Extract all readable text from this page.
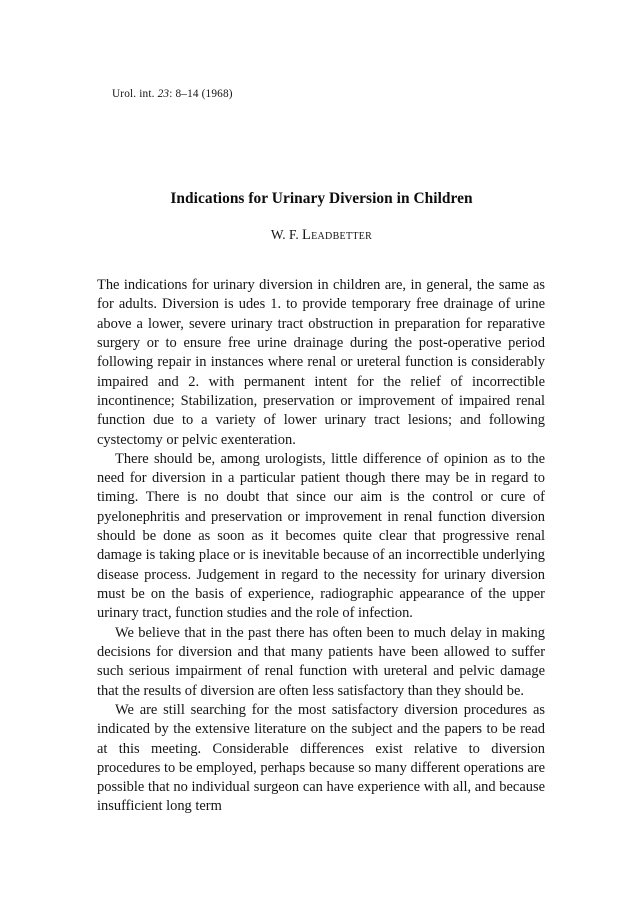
Urol. int. 23: 8–14 (1968)
Indications for Urinary Diversion in Children
W. F. Leadbetter

The indications for urinary diversion in children are, in general, the same as for adults. Diversion is udes 1. to provide temporary free drainage of urine above a lower, severe urinary tract obstruction in preparation for reparative surgery or to ensure free urine drainage during the post-operative period following repair in instances where renal or ureteral function is considerably impaired and 2. with permanent intent for the relief of incorrectible incontinence; Stabilization, preservation or improvement of impaired renal function due to a variety of lower urinary tract lesions; and following cystectomy or pelvic exenteration.

There should be, among urologists, little difference of opinion as to the need for diversion in a particular patient though there may be in regard to timing. There is no doubt that since our aim is the control or cure of pyelonephritis and preservation or improvement in renal function diversion should be done as soon as it becomes quite clear that progressive renal damage is taking place or is inevitable because of an incorrectible underlying disease process. Judgement in regard to the necessity for urinary diversion must be on the basis of experience, radiographic appearance of the upper urinary tract, function studies and the role of infection.

We believe that in the past there has often been to much delay in making decisions for diversion and that many patients have been allowed to suffer such serious impairment of renal function with ureteral and pelvic damage that the results of diversion are often less satisfactory than they should be.

We are still searching for the most satisfactory diversion procedures as indicated by the extensive literature on the subject and the papers to be read at this meeting. Considerable differences exist relative to diversion procedures to be employed, perhaps because so many different operations are possible that no individual surgeon can have experience with all, and because insufficient long term
